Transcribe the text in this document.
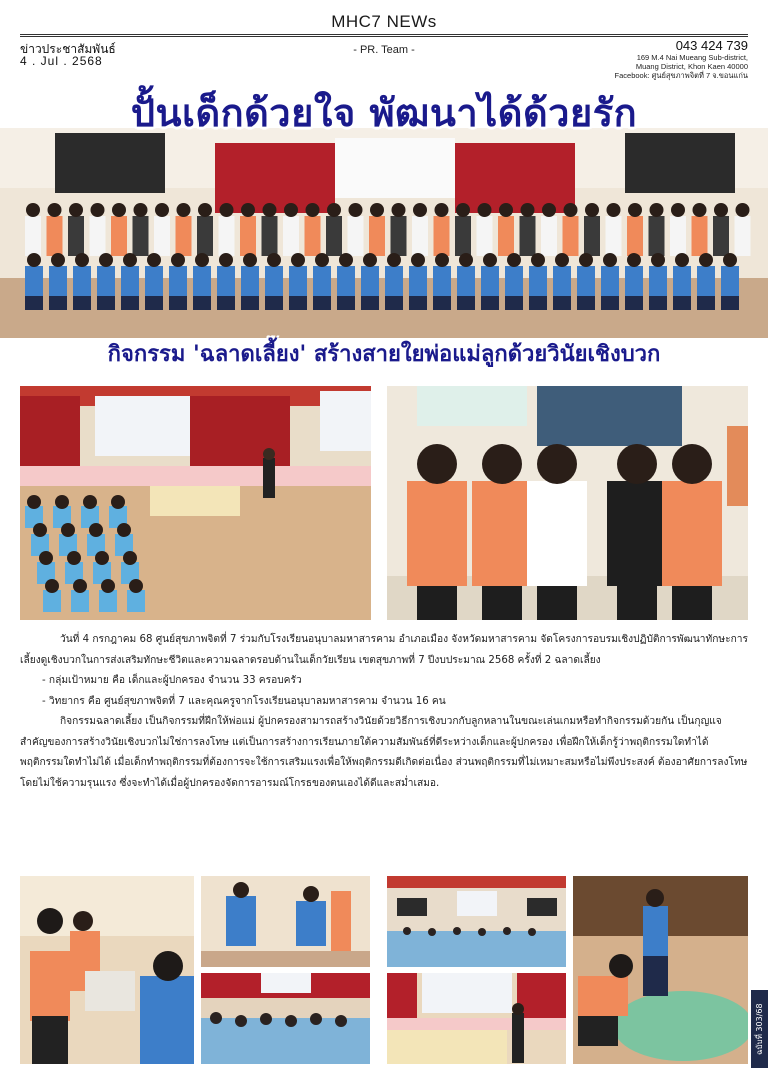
MHC7 NEWs
ข่าวประชาสัมพันธ์
4 . Jul . 2568
- PR. Team -	043 424 739
169 M.4 Nai Mueang Sub-district,
Muang District, Khon Kaen 40000
Facebook: ศูนย์สุขภาพจิตที่ 7 จ.ขอนแก่น
ปั้นเด็กด้วยใจ พัฒนาได้ด้วยรัก
กิจกรรม 'ฉลาดเลี้ยง' สร้างสายใยพ่อแม่ลูกด้วยวินัยเชิงบวก

วันที่ 4 กรกฎาคม 68 ศูนย์สุขภาพจิตที่ 7 ร่วมกับโรงเรียนอนุบาลมหาสารคาม อำเภอเมือง จังหวัดมหาสารคาม จัดโครงการอบรมเชิงปฏิบัติการพัฒนาทักษะการเลี้ยงดูเชิงบวกในการส่งเสริมทักษะชีวิตและความฉลาดรอบด้านในเด็กวัยเรียน เขตสุขภาพที่ 7 ปีงบประมาณ 2568 ครั้งที่ 2 ฉลาดเลี้ยง

- กลุ่มเป้าหมาย คือ เด็กและผู้ปกครอง จำนวน 33 ครอบครัว

- วิทยากร คือ ศูนย์สุขภาพจิตที่ 7 และคุณครูจากโรงเรียนอนุบาลมหาสารคาม จำนวน 16 คน

กิจกรรมฉลาดเลี้ยง เป็นกิจกรรมที่ฝึกให้พ่อแม่ ผู้ปกครองสามารถสร้างวินัยด้วยวิธีการเชิงบวกกับลูกหลานในขณะเล่นเกมหรือทำกิจกรรมด้วยกัน เป็นกุญแจสำคัญของการสร้างวินัยเชิงบวกไม่ใช่การลงโทษ แต่เป็นการสร้างการเรียนภายใต้ความสัมพันธ์ที่ดีระหว่างเด็กและผู้ปกครอง เพื่อฝึกให้เด็กรู้ว่าพฤติกรรมใดทำได้ พฤติกรรมใดทำไม่ได้ เมื่อเด็กทำพฤติกรรมที่ต้องการจะใช้การเสริมแรงเพื่อให้พฤติกรรมดีเกิดต่อเนื่อง ส่วนพฤติกรรมที่ไม่เหมาะสมหรือไม่พึงประสงค์ ต้องอาศัยการลงโทษโดยไม่ใช้ความรุนแรง ซึ่งจะทำได้เมื่อผู้ปกครองจัดการอารมณ์โกรธของตนเองได้ดีและสม่ำเสมอ.

ฉบับที่ 303/68
